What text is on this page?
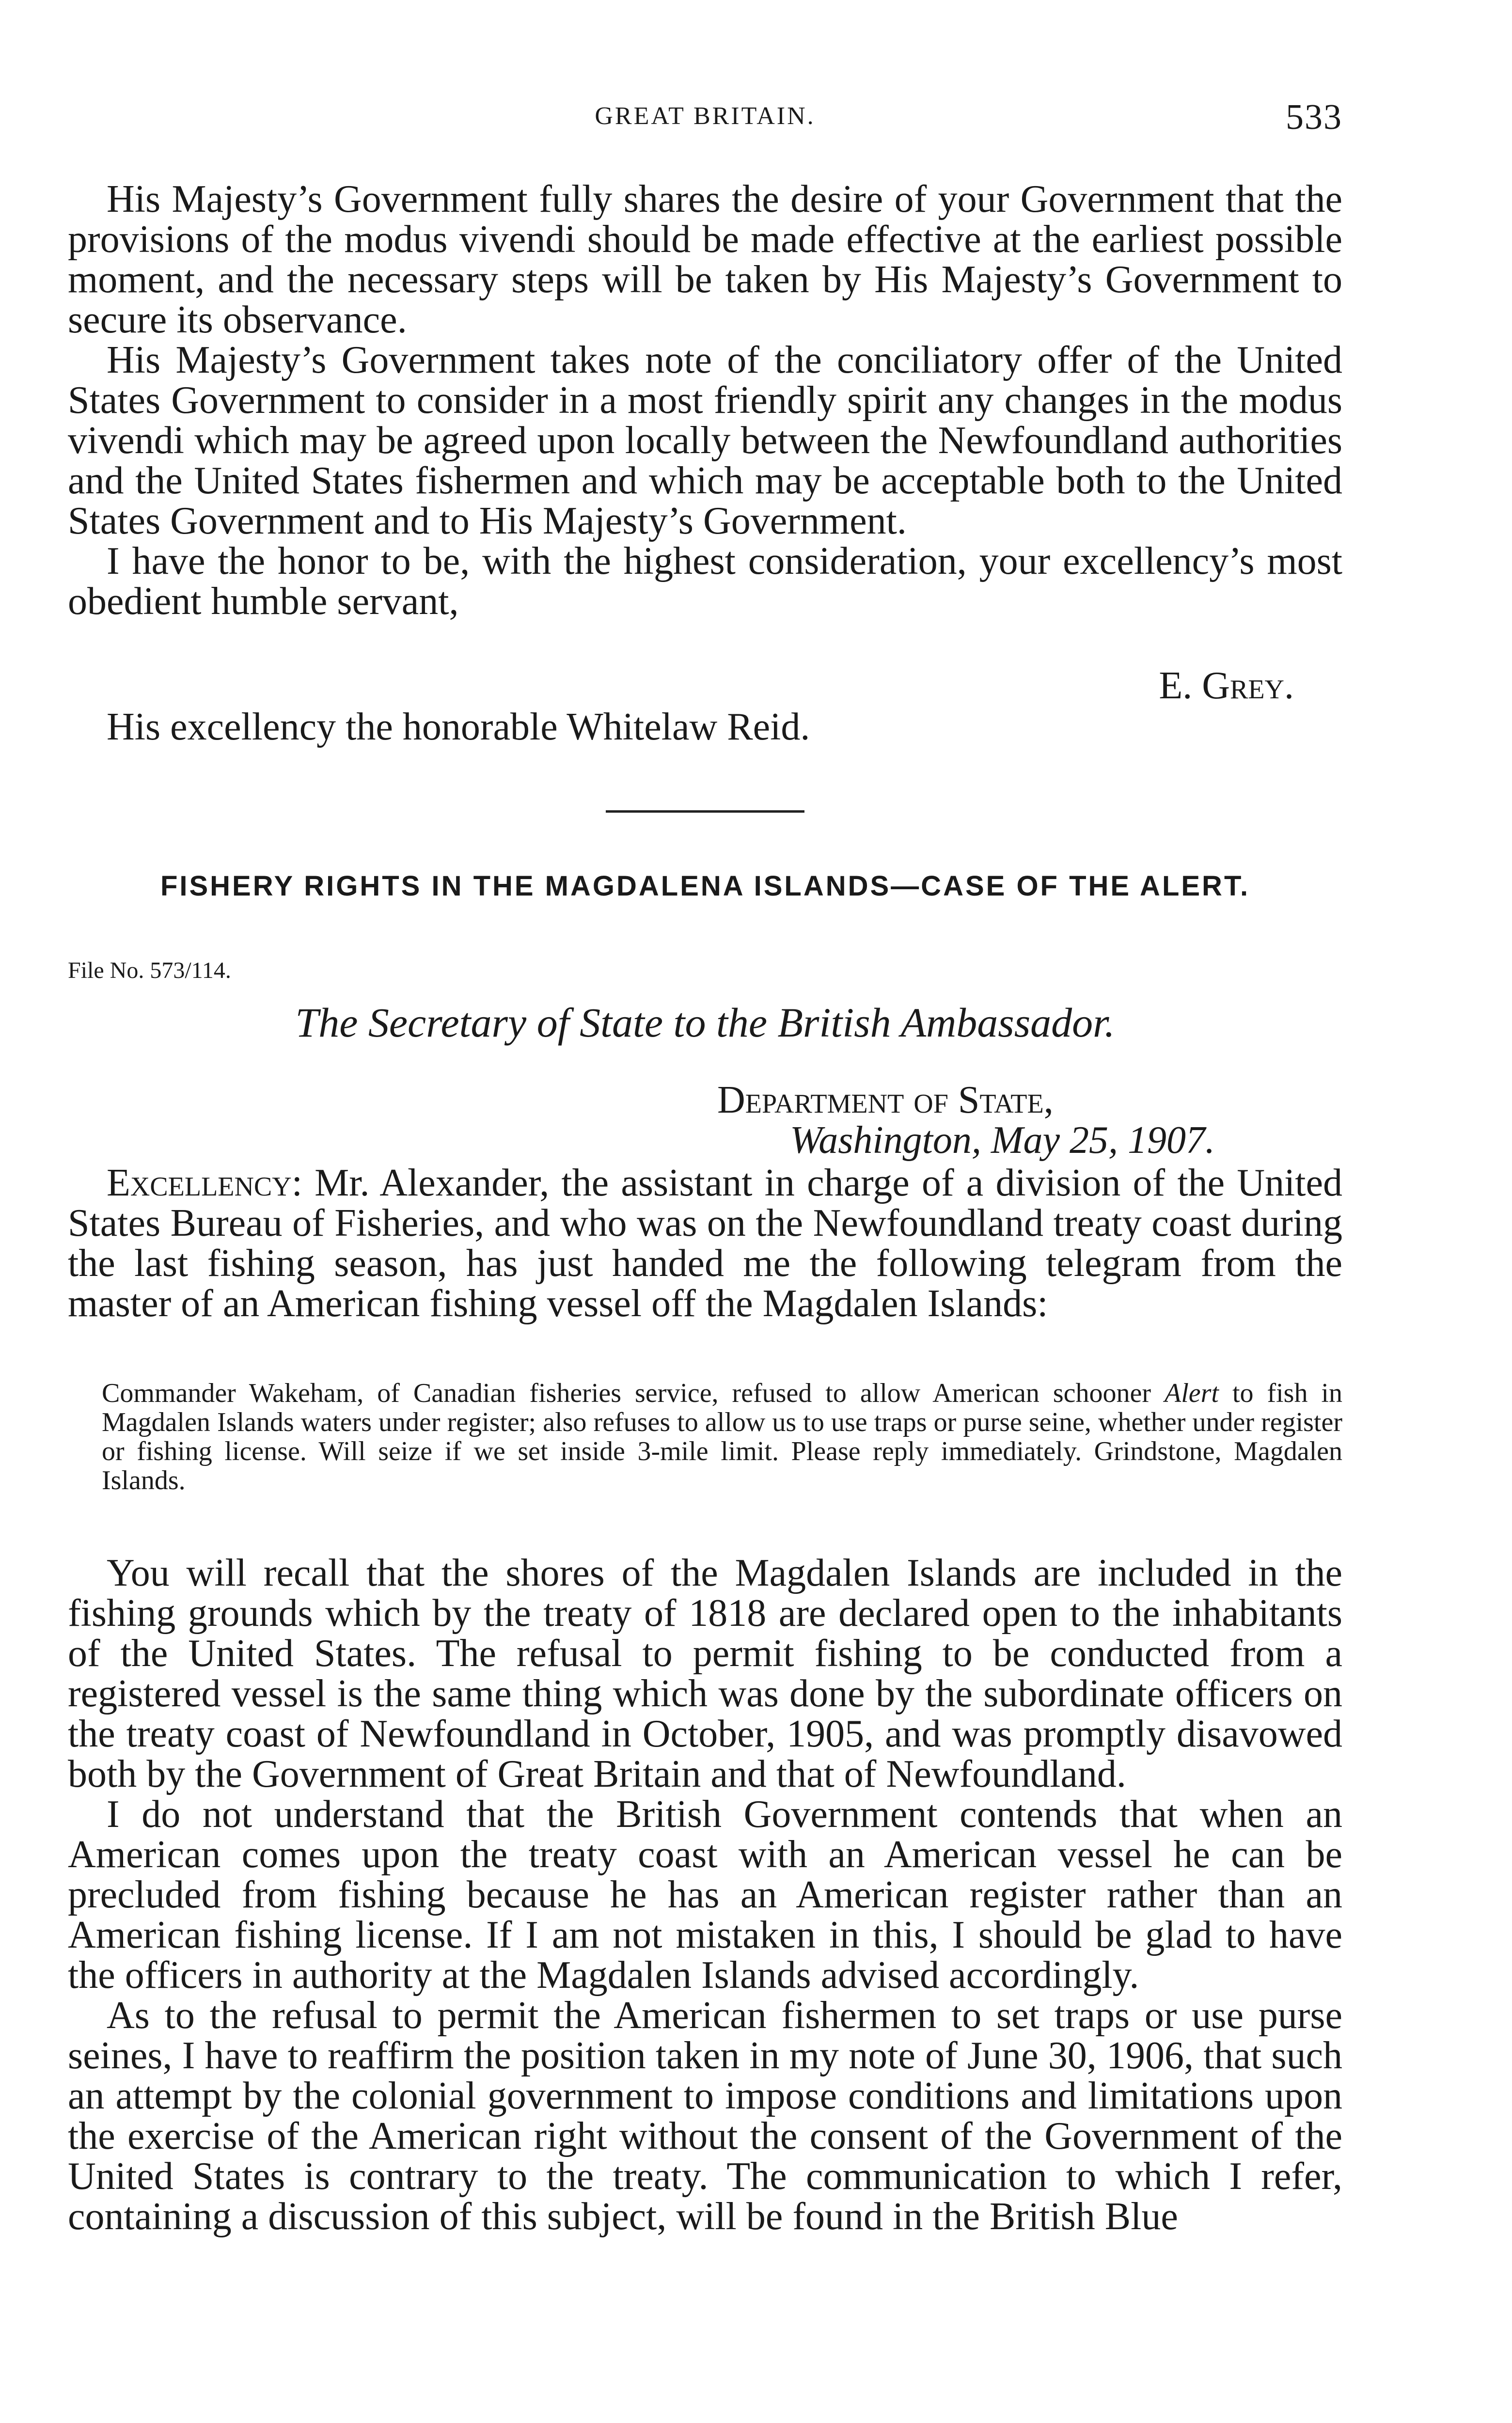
GREAT BRITAIN.	533

His Majesty’s Government fully shares the desire of your Government that the provisions of the modus vivendi should be made effective at the earliest possible moment, and the necessary steps will be taken by His Majesty’s Government to secure its observance.

His Majesty’s Government takes note of the conciliatory offer of the United States Government to consider in a most friendly spirit any changes in the modus vivendi which may be agreed upon locally between the Newfoundland authorities and the United States fishermen and which may be acceptable both to the United States Government and to His Majesty’s Government.

I have the honor to be, with the highest consideration, your excellency’s most obedient humble servant,

E. Grey.
His excellency the honorable Whitelaw Reid.
FISHERY RIGHTS IN THE MAGDALENA ISLANDS—CASE OF THE ALERT.
File No. 573/114.
The Secretary of State to the British Ambassador.
Department of State,
Washington, May 25, 1907.

Excellency: Mr. Alexander, the assistant in charge of a division of the United States Bureau of Fisheries, and who was on the Newfoundland treaty coast during the last fishing season, has just handed me the following telegram from the master of an American fishing vessel off the Magdalen Islands:

Commander Wakeham, of Canadian fisheries service, refused to allow American schooner Alert to fish in Magdalen Islands waters under register; also refuses to allow us to use traps or purse seine, whether under register or fishing license. Will seize if we set inside 3-mile limit. Please reply immediately. Grindstone, Magdalen Islands.

You will recall that the shores of the Magdalen Islands are included in the fishing grounds which by the treaty of 1818 are declared open to the inhabitants of the United States. The refusal to permit fishing to be conducted from a registered vessel is the same thing which was done by the subordinate officers on the treaty coast of Newfoundland in October, 1905, and was promptly disavowed both by the Government of Great Britain and that of Newfoundland.

I do not understand that the British Government contends that when an American comes upon the treaty coast with an American vessel he can be precluded from fishing because he has an American register rather than an American fishing license. If I am not mistaken in this, I should be glad to have the officers in authority at the Magdalen Islands advised accordingly.

As to the refusal to permit the American fishermen to set traps or use purse seines, I have to reaffirm the position taken in my note of June 30, 1906, that such an attempt by the colonial government to impose conditions and limitations upon the exercise of the American right without the consent of the Government of the United States is contrary to the treaty. The communication to which I refer, containing a discussion of this subject, will be found in the British Blue
